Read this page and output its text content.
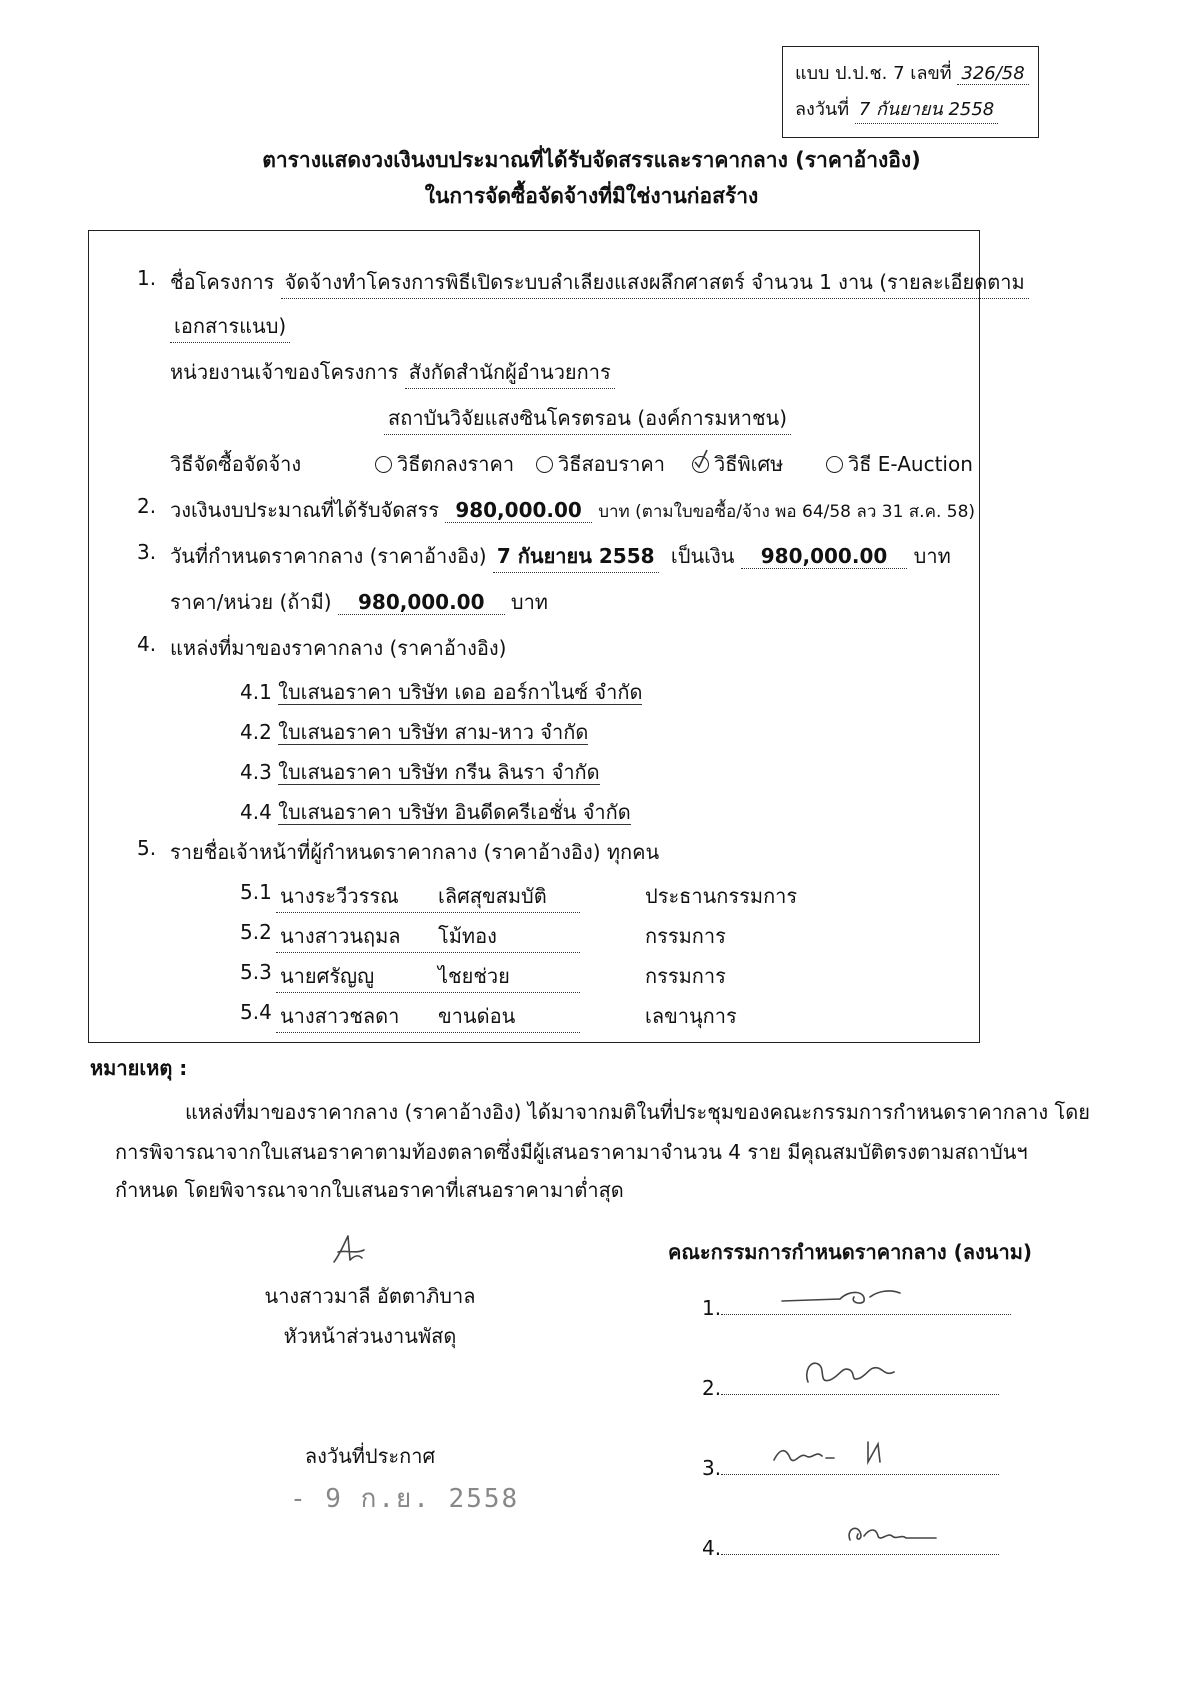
แบบ ป.ป.ช. 7 เลขที่ 326/58
ลงวันที่ 7 กันยายน 2558
ตารางแสดงวงเงินงบประมาณที่ได้รับจัดสรรและราคากลาง (ราคาอ้างอิง)
ในการจัดซื้อจัดจ้างที่มิใช่งานก่อสร้าง
1. ชื่อโครงการ จัดจ้างทำโครงการพิธีเปิดระบบลำเลียงแสงผลึกศาสตร์ จำนวน 1 งาน (รายละเอียดตาม
เอกสารแนบ)
หน่วยงานเจ้าของโครงการ สังกัดสำนักผู้อำนวยการ
สถาบันวิจัยแสงซินโครตรอน (องค์การมหาชน)
วิธีจัดซื้อจัดจ้าง	วิธีตกลงราคา	วิธีสอบราคา	วิธีพิเศษ	วิธี E-Auction
2. วงเงินงบประมาณที่ได้รับจัดสรร 980,000.00 บาท (ตามใบขอซื้อ/จ้าง พอ 64/58 ลว 31 ส.ค. 58)
3. วันที่กำหนดราคากลาง (ราคาอ้างอิง) 7 กันยายน 2558 เป็นเงิน 980,000.00 บาท
ราคา/หน่วย (ถ้ามี) 980,000.00 บาท
4. แหล่งที่มาของราคากลาง (ราคาอ้างอิง)
4.1 ใบเสนอราคา บริษัท เดอ ออร์กาไนซ์ จำกัด
4.2 ใบเสนอราคา บริษัท สาม-หาว จำกัด
4.3 ใบเสนอราคา บริษัท กรีน ลินรา จำกัด
4.4 ใบเสนอราคา บริษัท อินดีดครีเอชั่น จำกัด
5. รายชื่อเจ้าหน้าที่ผู้กำหนดราคากลาง (ราคาอ้างอิง) ทุกคน
5.1 นางระวีวรรณ เลิศสุขสมบัติ	ประธานกรรมการ
5.2 นางสาวนฤมล โม้ทอง	กรรมการ
5.3 นายศรัญญู	ไชยช่วย	กรรมการ
5.4 นางสาวชลดา ขานด่อน	เลขานุการ
หมายเหตุ :
แหล่งที่มาของราคากลาง (ราคาอ้างอิง) ได้มาจากมติในที่ประชุมของคณะกรรมการกำหนดราคากลาง โดย
การพิจารณาจากใบเสนอราคาตามท้องตลาดซึ่งมีผู้เสนอราคามาจำนวน 4 ราย มีคุณสมบัติตรงตามสถาบันฯ
กำหนด โดยพิจารณาจากใบเสนอราคาที่เสนอราคามาต่ำสุด
นางสาวมาลี อัตตาภิบาล
หัวหน้าส่วนงานพัสดุ
ลงวันที่ประกาศ
- 9 ก.ย. 2558
คณะกรรมการกำหนดราคากลาง (ลงนาม)
1.
2.
3.
4.
